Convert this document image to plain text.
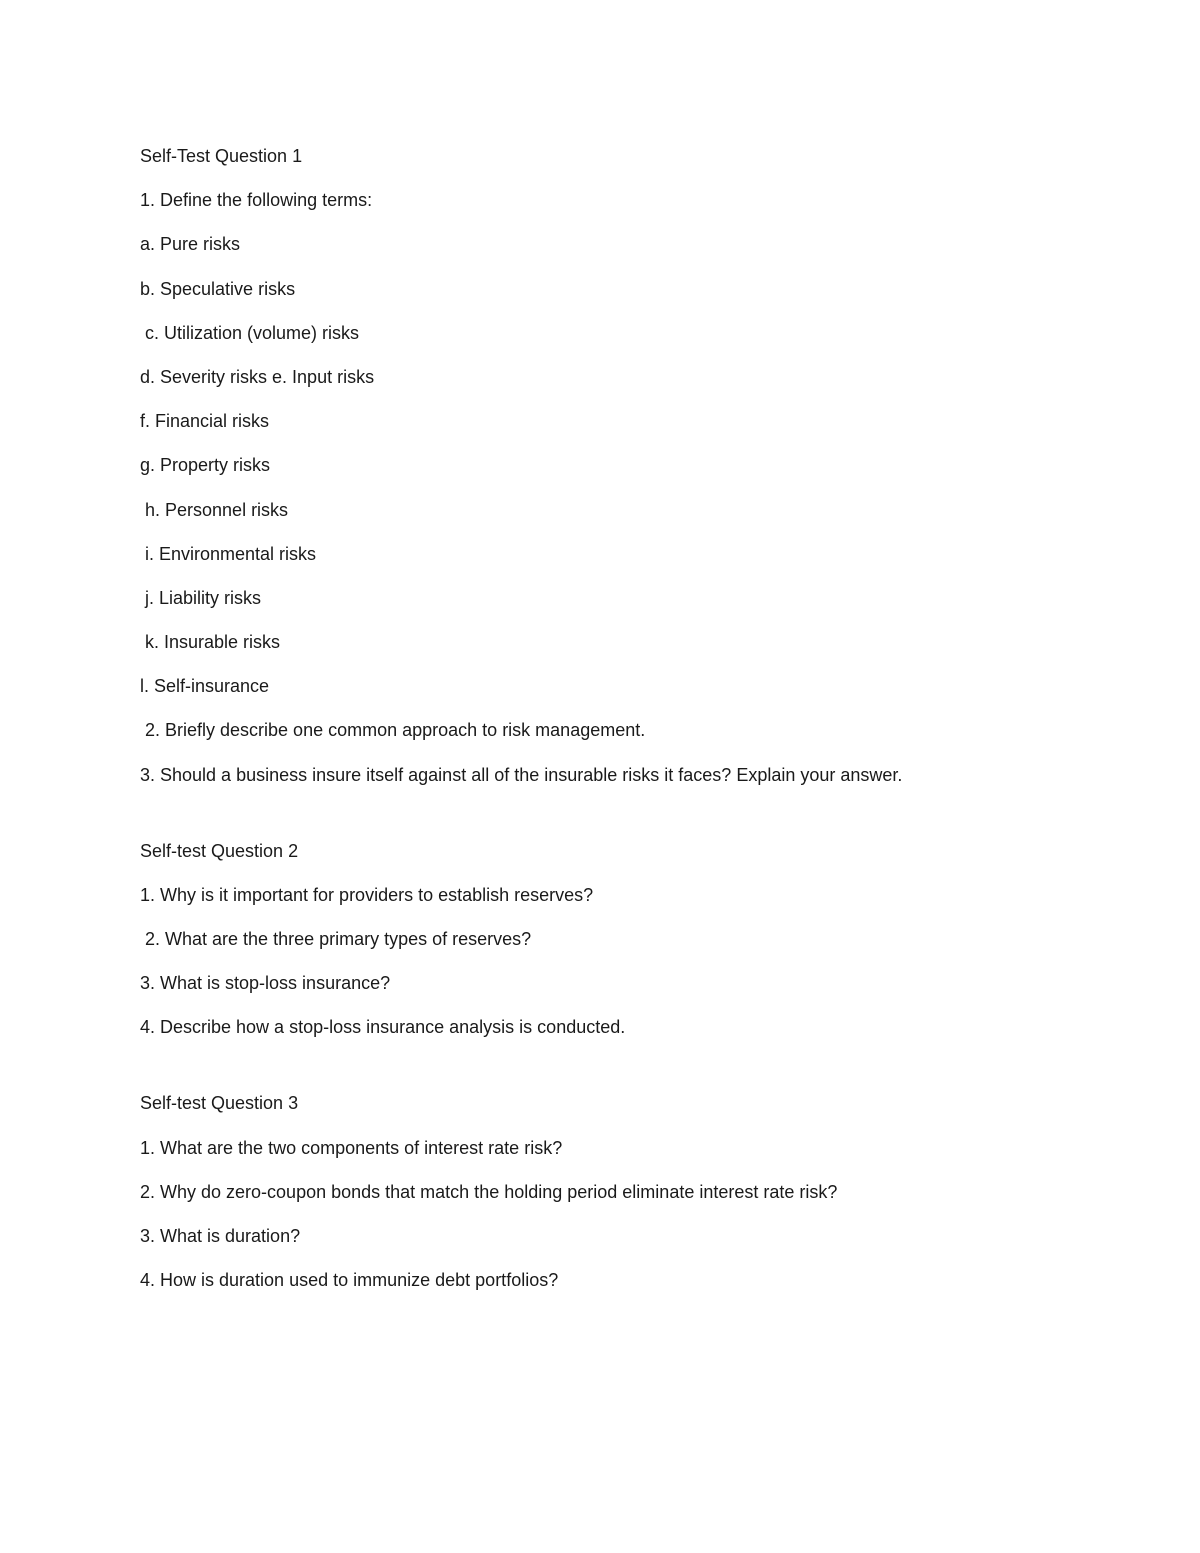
Self-Test Question 1
1. Define the following terms:
a. Pure risks
b. Speculative risks
c. Utilization (volume) risks
d. Severity risks e. Input risks
f. Financial risks
g. Property risks
h. Personnel risks
i. Environmental risks
j. Liability risks
k. Insurable risks
l. Self-insurance
2. Briefly describe one common approach to risk management.
3. Should a business insure itself against all of the insurable risks it faces? Explain your answer.
Self-test Question 2
1. Why is it important for providers to establish reserves?
2. What are the three primary types of reserves?
3. What is stop-loss insurance?
4. Describe how a stop-loss insurance analysis is conducted.
Self-test Question 3
1. What are the two components of interest rate risk?
2. Why do zero-coupon bonds that match the holding period eliminate interest rate risk?
3. What is duration?
4. How is duration used to immunize debt portfolios?
